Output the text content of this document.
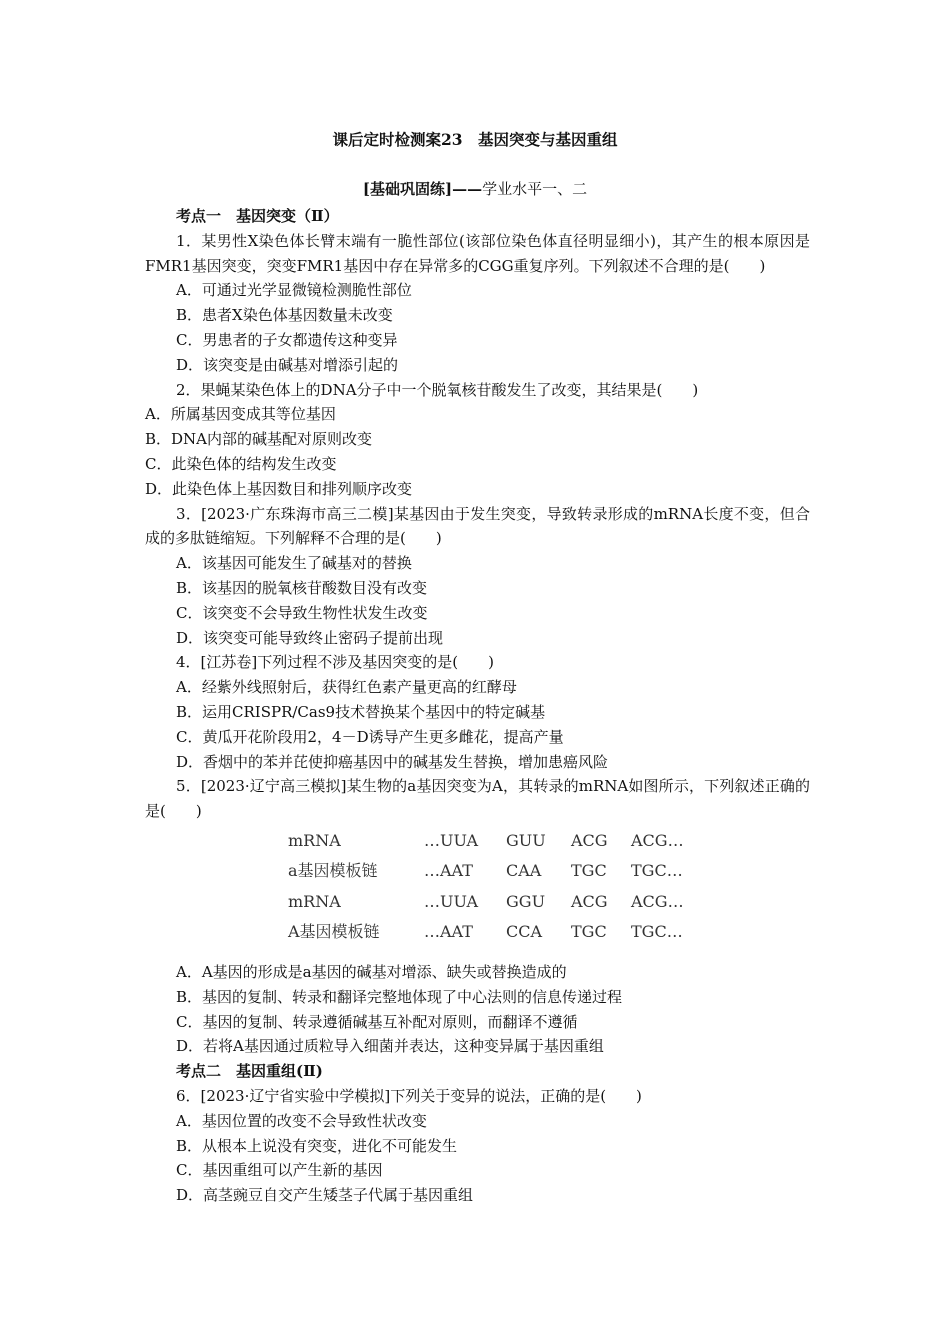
课后定时检测案23　基因突变与基因重组
[基础巩固练]——学业水平一、二
考点一　基因突变（Ⅱ）
1．某男性X染色体长臂末端有一脆性部位(该部位染色体直径明显细小)，其产生的根本原因是FMR1基因突变，突变FMR1基因中存在异常多的CGG重复序列。下列叙述不合理的是(　　)
A．可通过光学显微镜检测脆性部位
B．患者X染色体基因数量未改变
C．男患者的子女都遗传这种变异
D．该突变是由碱基对增添引起的
2．果蝇某染色体上的DNA分子中一个脱氧核苷酸发生了改变，其结果是(　　)
A．所属基因变成其等位基因
B．DNA内部的碱基配对原则改变
C．此染色体的结构发生改变
D．此染色体上基因数目和排列顺序改变
3．[2023·广东珠海市高三二模]某基因由于发生突变，导致转录形成的mRNA长度不变，但合成的多肽链缩短。下列解释不合理的是(　　)
A．该基因可能发生了碱基对的替换
B．该基因的脱氧核苷酸数目没有改变
C．该突变不会导致生物性状发生改变
D．该突变可能导致终止密码子提前出现
4．[江苏卷]下列过程不涉及基因突变的是(　　)
A．经紫外线照射后，获得红色素产量更高的红酵母
B．运用CRISPR/Cas9技术替换某个基因中的特定碱基
C．黄瓜开花阶段用2，4－D诱导产生更多雌花，提高产量
D．香烟中的苯并芘使抑癌基因中的碱基发生替换，增加患癌风险
5．[2023·辽宁高三模拟]某生物的a基因突变为A，其转录的mRNA如图所示，下列叙述正确的是(　　)
mRNA	…UUA	GUU	ACG	ACG…
a基因模板链	…AAT	CAA	TGC	TGC…
mRNA	…UUA	GGU	ACG	ACG…
A基因模板链	…AAT	CCA	TGC	TGC…
A．A基因的形成是a基因的碱基对增添、缺失或替换造成的
B．基因的复制、转录和翻译完整地体现了中心法则的信息传递过程
C．基因的复制、转录遵循碱基互补配对原则，而翻译不遵循
D．若将A基因通过质粒导入细菌并表达，这种变异属于基因重组
考点二　基因重组(Ⅱ)
6．[2023·辽宁省实验中学模拟]下列关于变异的说法，正确的是(　　)
A．基因位置的改变不会导致性状改变
B．从根本上说没有突变，进化不可能发生
C．基因重组可以产生新的基因
D．高茎豌豆自交产生矮茎子代属于基因重组
